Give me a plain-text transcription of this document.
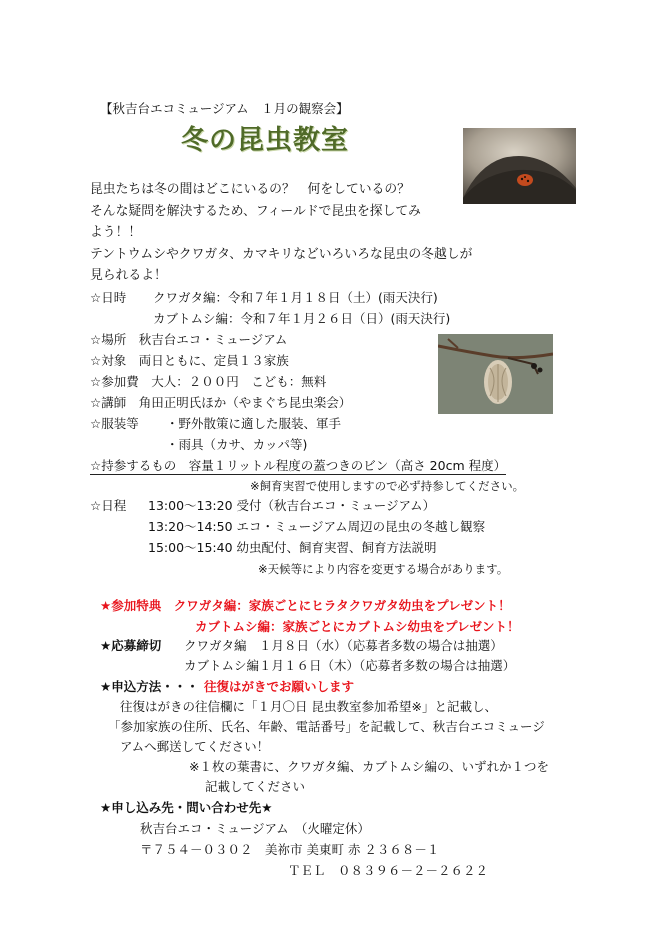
【秋吉台エコミュージアム　１月の観察会】
冬の昆虫教室
昆虫たちは冬の間はどこにいるの？　何をしているの？
そんな疑問を解決するため、フィールドで昆虫を探してみ
よう！！
テントウムシやクワガタ、カマキリなどいろいろな昆虫の冬越しが
見られるよ！
☆日時 クワガタ編：令和７年１月１８日（土）(雨天決行)
カブトムシ編：令和７年１月２６日（日）(雨天決行)
☆場所　秋吉台エコ・ミュージアム
☆対象　両日ともに、定員１３家族
☆参加費　大人：２００円　こども：無料
☆講師　角田正明氏ほか（やまぐち昆虫楽会）
☆服装等 ・野外散策に適した服装、軍手
・雨具（カサ、カッパ等)
☆持参するもの　容量１リットル程度の蓋つきのビン（高さ 20cm 程度）
※飼育実習で使用しますので必ず持参してください。
☆日程 13:00～13:20 受付（秋吉台エコ・ミュージアム）
13:20～14:50 エコ・ミュージアム周辺の昆虫の冬越し観察
15:00～15:40 幼虫配付、飼育実習、飼育方法説明
※天候等により内容を変更する場合があります。
★参加特典　クワガタ編：家族ごとにヒラタクワガタ幼虫をプレゼント！
カブトムシ編：家族ごとにカブトムシ幼虫をプレゼント！
★応募締切 クワガタ編　１月８日（水）（応募者多数の場合は抽選）
カブトムシ編１月１６日（木）（応募者多数の場合は抽選）
★申込方法・・・ 往復はがきでお願いします
往復はがきの往信欄に「１月〇日 昆虫教室参加希望※」と記載し、
「参加家族の住所、氏名、年齢、電話番号」を記載して、秋吉台エコミュージ
アムへ郵送してください！
※１枚の葉書に、クワガタ編、カブトムシ編の、いずれか１つを
記載してください
★申し込み先・問い合わせ先★
秋吉台エコ・ミュージアム　（火曜定休）
〒７５４－０３０２　美祢市 美東町 赤 ２３６８－１
ＴＥＬ　０８３９６－２－２６２２
